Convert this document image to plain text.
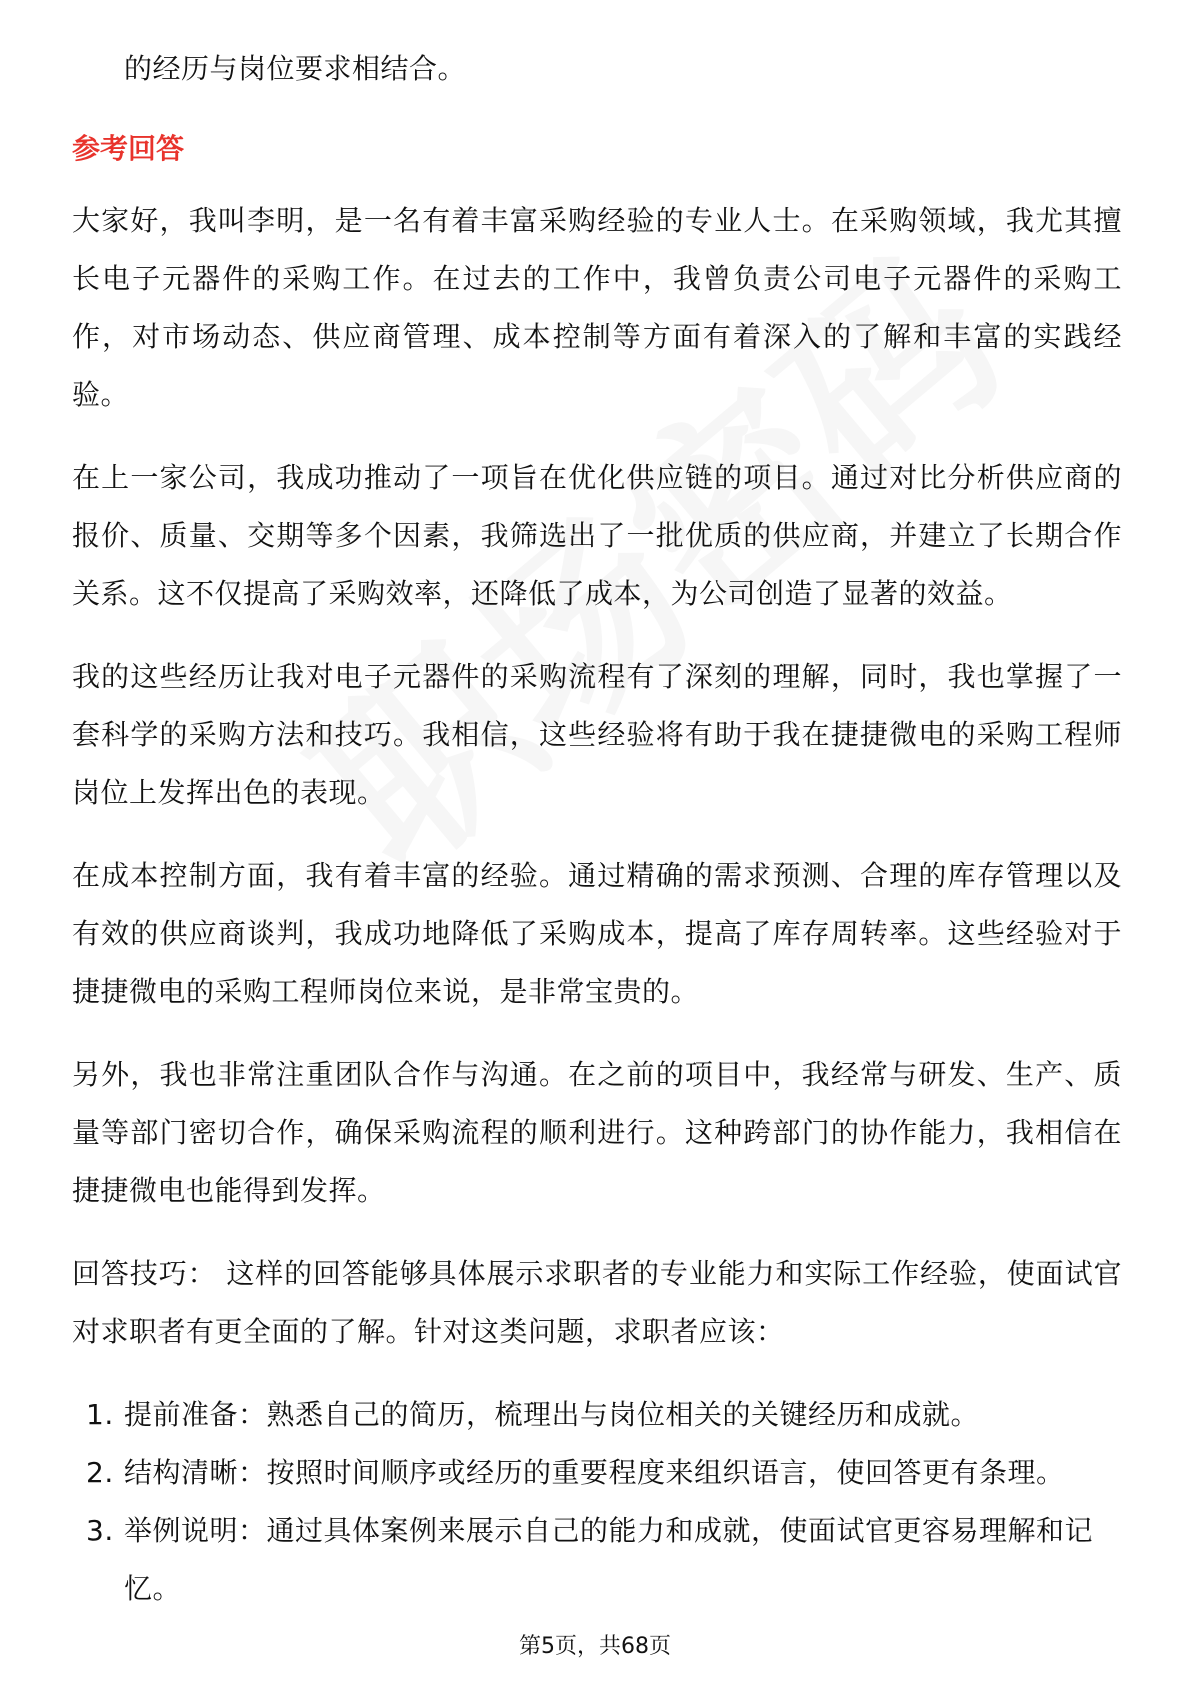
的经历与岗位要求相结合。

参考回答

大家好，我叫李明，是一名有着丰富采购经验的专业人士。在采购领域，我尤其擅长电子元器件的采购工作。在过去的工作中，我曾负责公司电子元器件的采购工作，对市场动态、供应商管理、成本控制等方面有着深入的了解和丰富的实践经验。

在上一家公司，我成功推动了一项旨在优化供应链的项目。通过对比分析供应商的报价、质量、交期等多个因素，我筛选出了一批优质的供应商，并建立了长期合作关系。这不仅提高了采购效率，还降低了成本，为公司创造了显著的效益。

我的这些经历让我对电子元器件的采购流程有了深刻的理解，同时，我也掌握了一套科学的采购方法和技巧。我相信，这些经验将有助于我在捷捷微电的采购工程师岗位上发挥出色的表现。

在成本控制方面，我有着丰富的经验。通过精确的需求预测、合理的库存管理以及有效的供应商谈判，我成功地降低了采购成本，提高了库存周转率。这些经验对于捷捷微电的采购工程师岗位来说，是非常宝贵的。

另外，我也非常注重团队合作与沟通。在之前的项目中，我经常与研发、生产、质量等部门密切合作，确保采购流程的顺利进行。这种跨部门的协作能力，我相信在捷捷微电也能得到发挥。

回答技巧： 这样的回答能够具体展示求职者的专业能力和实际工作经验，使面试官对求职者有更全面的了解。针对这类问题，求职者应该：

1. 提前准备：熟悉自己的简历，梳理出与岗位相关的关键经历和成就。
2. 结构清晰：按照时间顺序或经历的重要程度来组织语言，使回答更有条理。
3. 举例说明：通过具体案例来展示自己的能力和成就，使面试官更容易理解和记忆。
第5页，共68页
